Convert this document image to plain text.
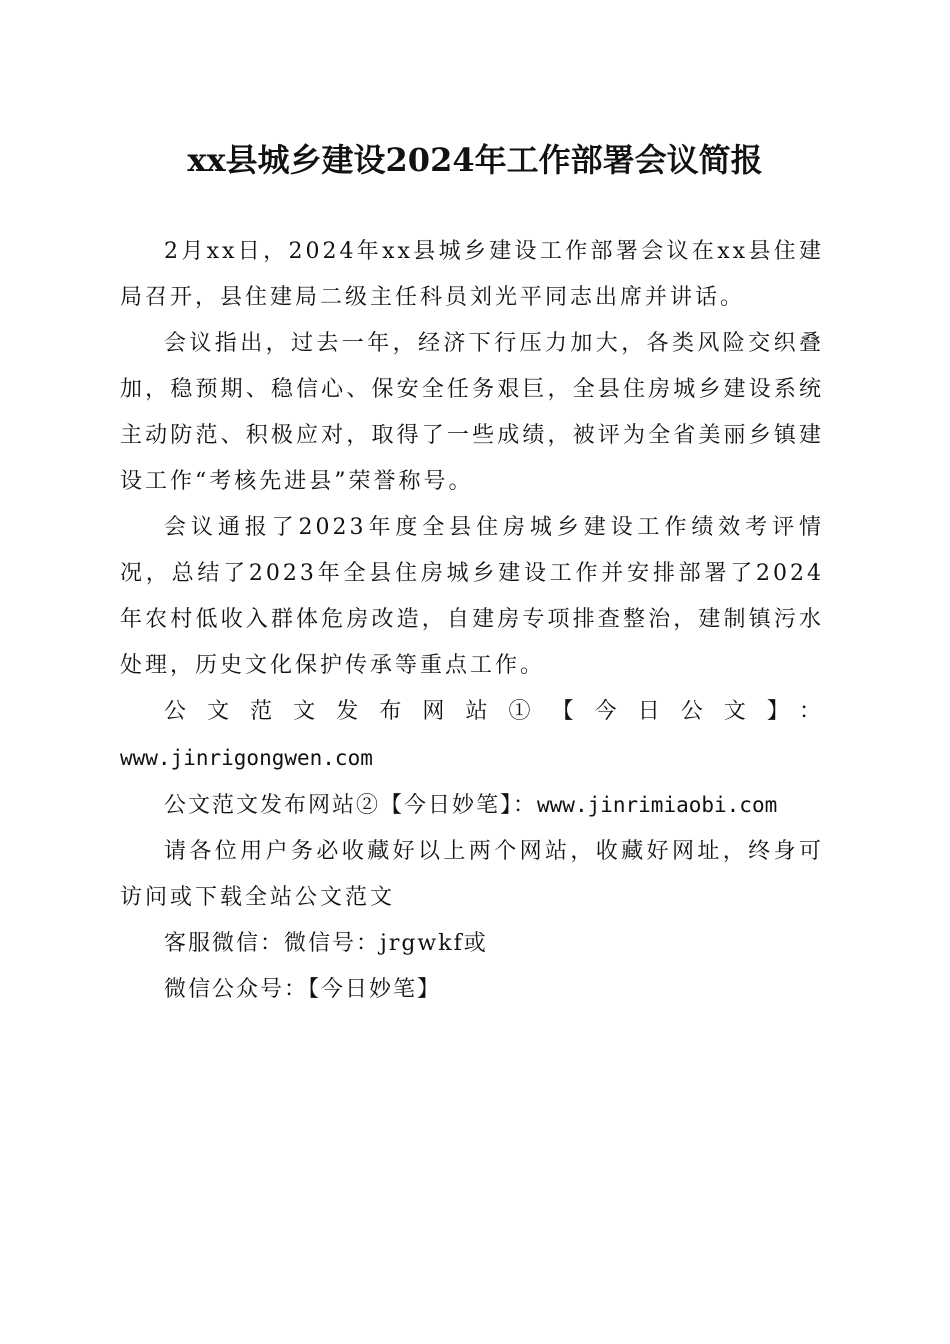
xx县城乡建设2024年工作部署会议简报

2月xx日，2024年xx县城乡建设工作部署会议在xx县住建局召开，县住建局二级主任科员刘光平同志出席并讲话。

会议指出，过去一年，经济下行压力加大，各类风险交织叠加，稳预期、稳信心、保安全任务艰巨，全县住房城乡建设系统主动防范、积极应对，取得了一些成绩，被评为全省美丽乡镇建设工作“考核先进县”荣誉称号。

会议通报了2023年度全县住房城乡建设工作绩效考评情况，总结了2023年全县住房城乡建设工作并安排部署了2024年农村低收入群体危房改造，自建房专项排查整治，建制镇污水处理，历史文化保护传承等重点工作。

公文范文发布网站①【今日公文】：

www.jinrigongwen.com

公文范文发布网站②【今日妙笔】：www.jinrimiaobi.com

请各位用户务必收藏好以上两个网站，收藏好网址，终身可访问或下载全站公文范文

客服微信：微信号：jrgwkf或

微信公众号：【今日妙笔】
